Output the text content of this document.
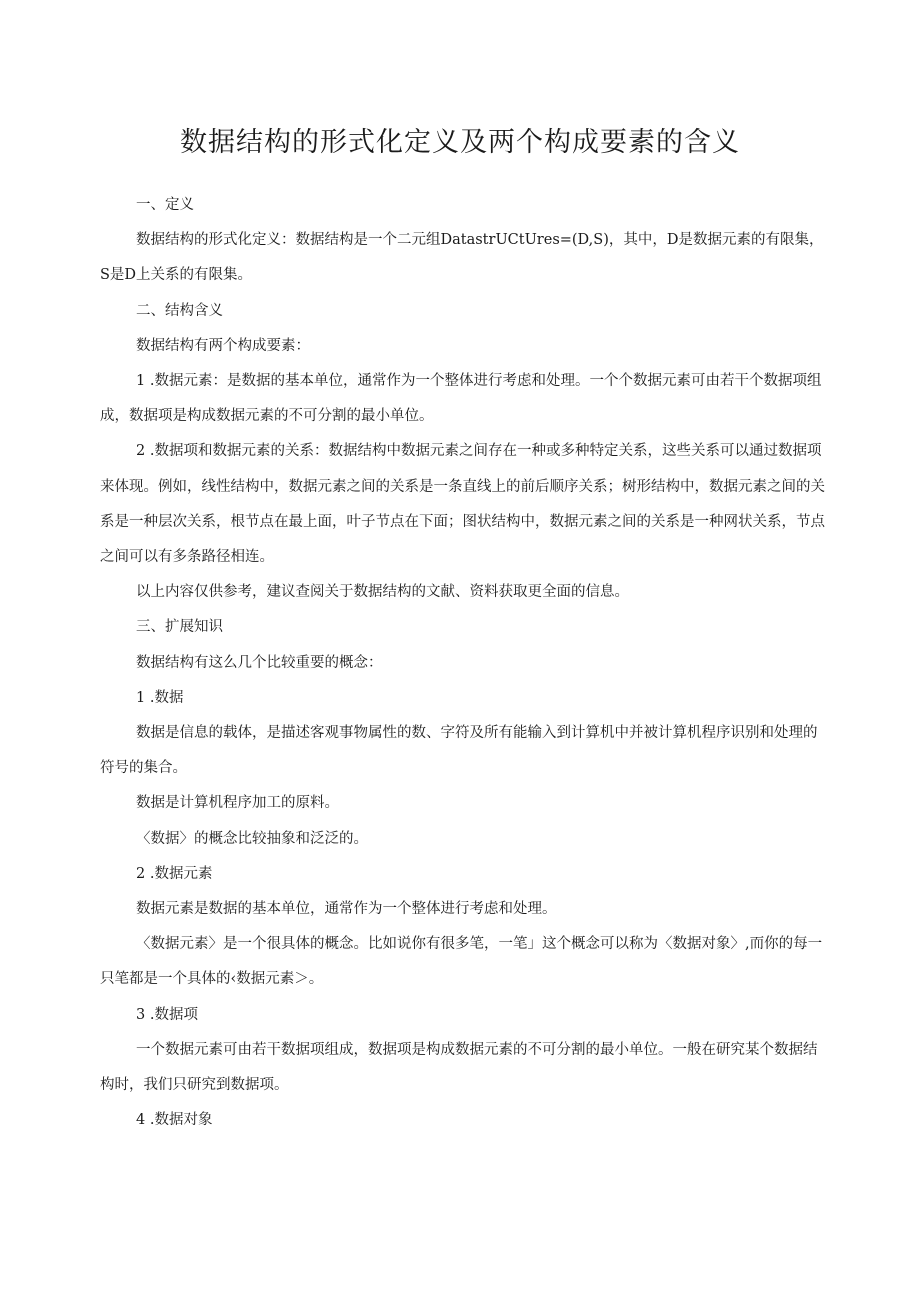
数据结构的形式化定义及两个构成要素的含义

一、定义

数据结构的形式化定义：数据结构是一个二元组DatastrUCtUres=(D,S)，其中，D是数据元素的有限集，S是D上关系的有限集。

二、结构含义

数据结构有两个构成要素：

1 .数据元素：是数据的基本单位，通常作为一个整体进行考虑和处理。一个个数据元素可由若干个数据项组成，数据项是构成数据元素的不可分割的最小单位。

2 .数据项和数据元素的关系：数据结构中数据元素之间存在一种或多种特定关系，这些关系可以通过数据项来体现。例如，线性结构中，数据元素之间的关系是一条直线上的前后顺序关系；树形结构中，数据元素之间的关系是一种层次关系，根节点在最上面，叶子节点在下面；图状结构中，数据元素之间的关系是一种网状关系，节点之间可以有多条路径相连。

以上内容仅供参考，建议查阅关于数据结构的文献、资料获取更全面的信息。

三、扩展知识

数据结构有这么几个比较重要的概念：

1 .数据

数据是信息的载体，是描述客观事物属性的数、字符及所有能输入到计算机中并被计算机程序识别和处理的符号的集合。

数据是计算机程序加工的原料。

〈数据〉的概念比较抽象和泛泛的。

2 .数据元素

数据元素是数据的基本单位，通常作为一个整体进行考虑和处理。

〈数据元素〉是一个很具体的概念。比如说你有很多笔，一笔」这个概念可以称为〈数据对象〉,而你的每一只笔都是一个具体的‹数据元素＞。

3 .数据项

一个数据元素可由若干数据项组成，数据项是构成数据元素的不可分割的最小单位。一般在研究某个数据结构时，我们只研究到数据项。

4 .数据对象
